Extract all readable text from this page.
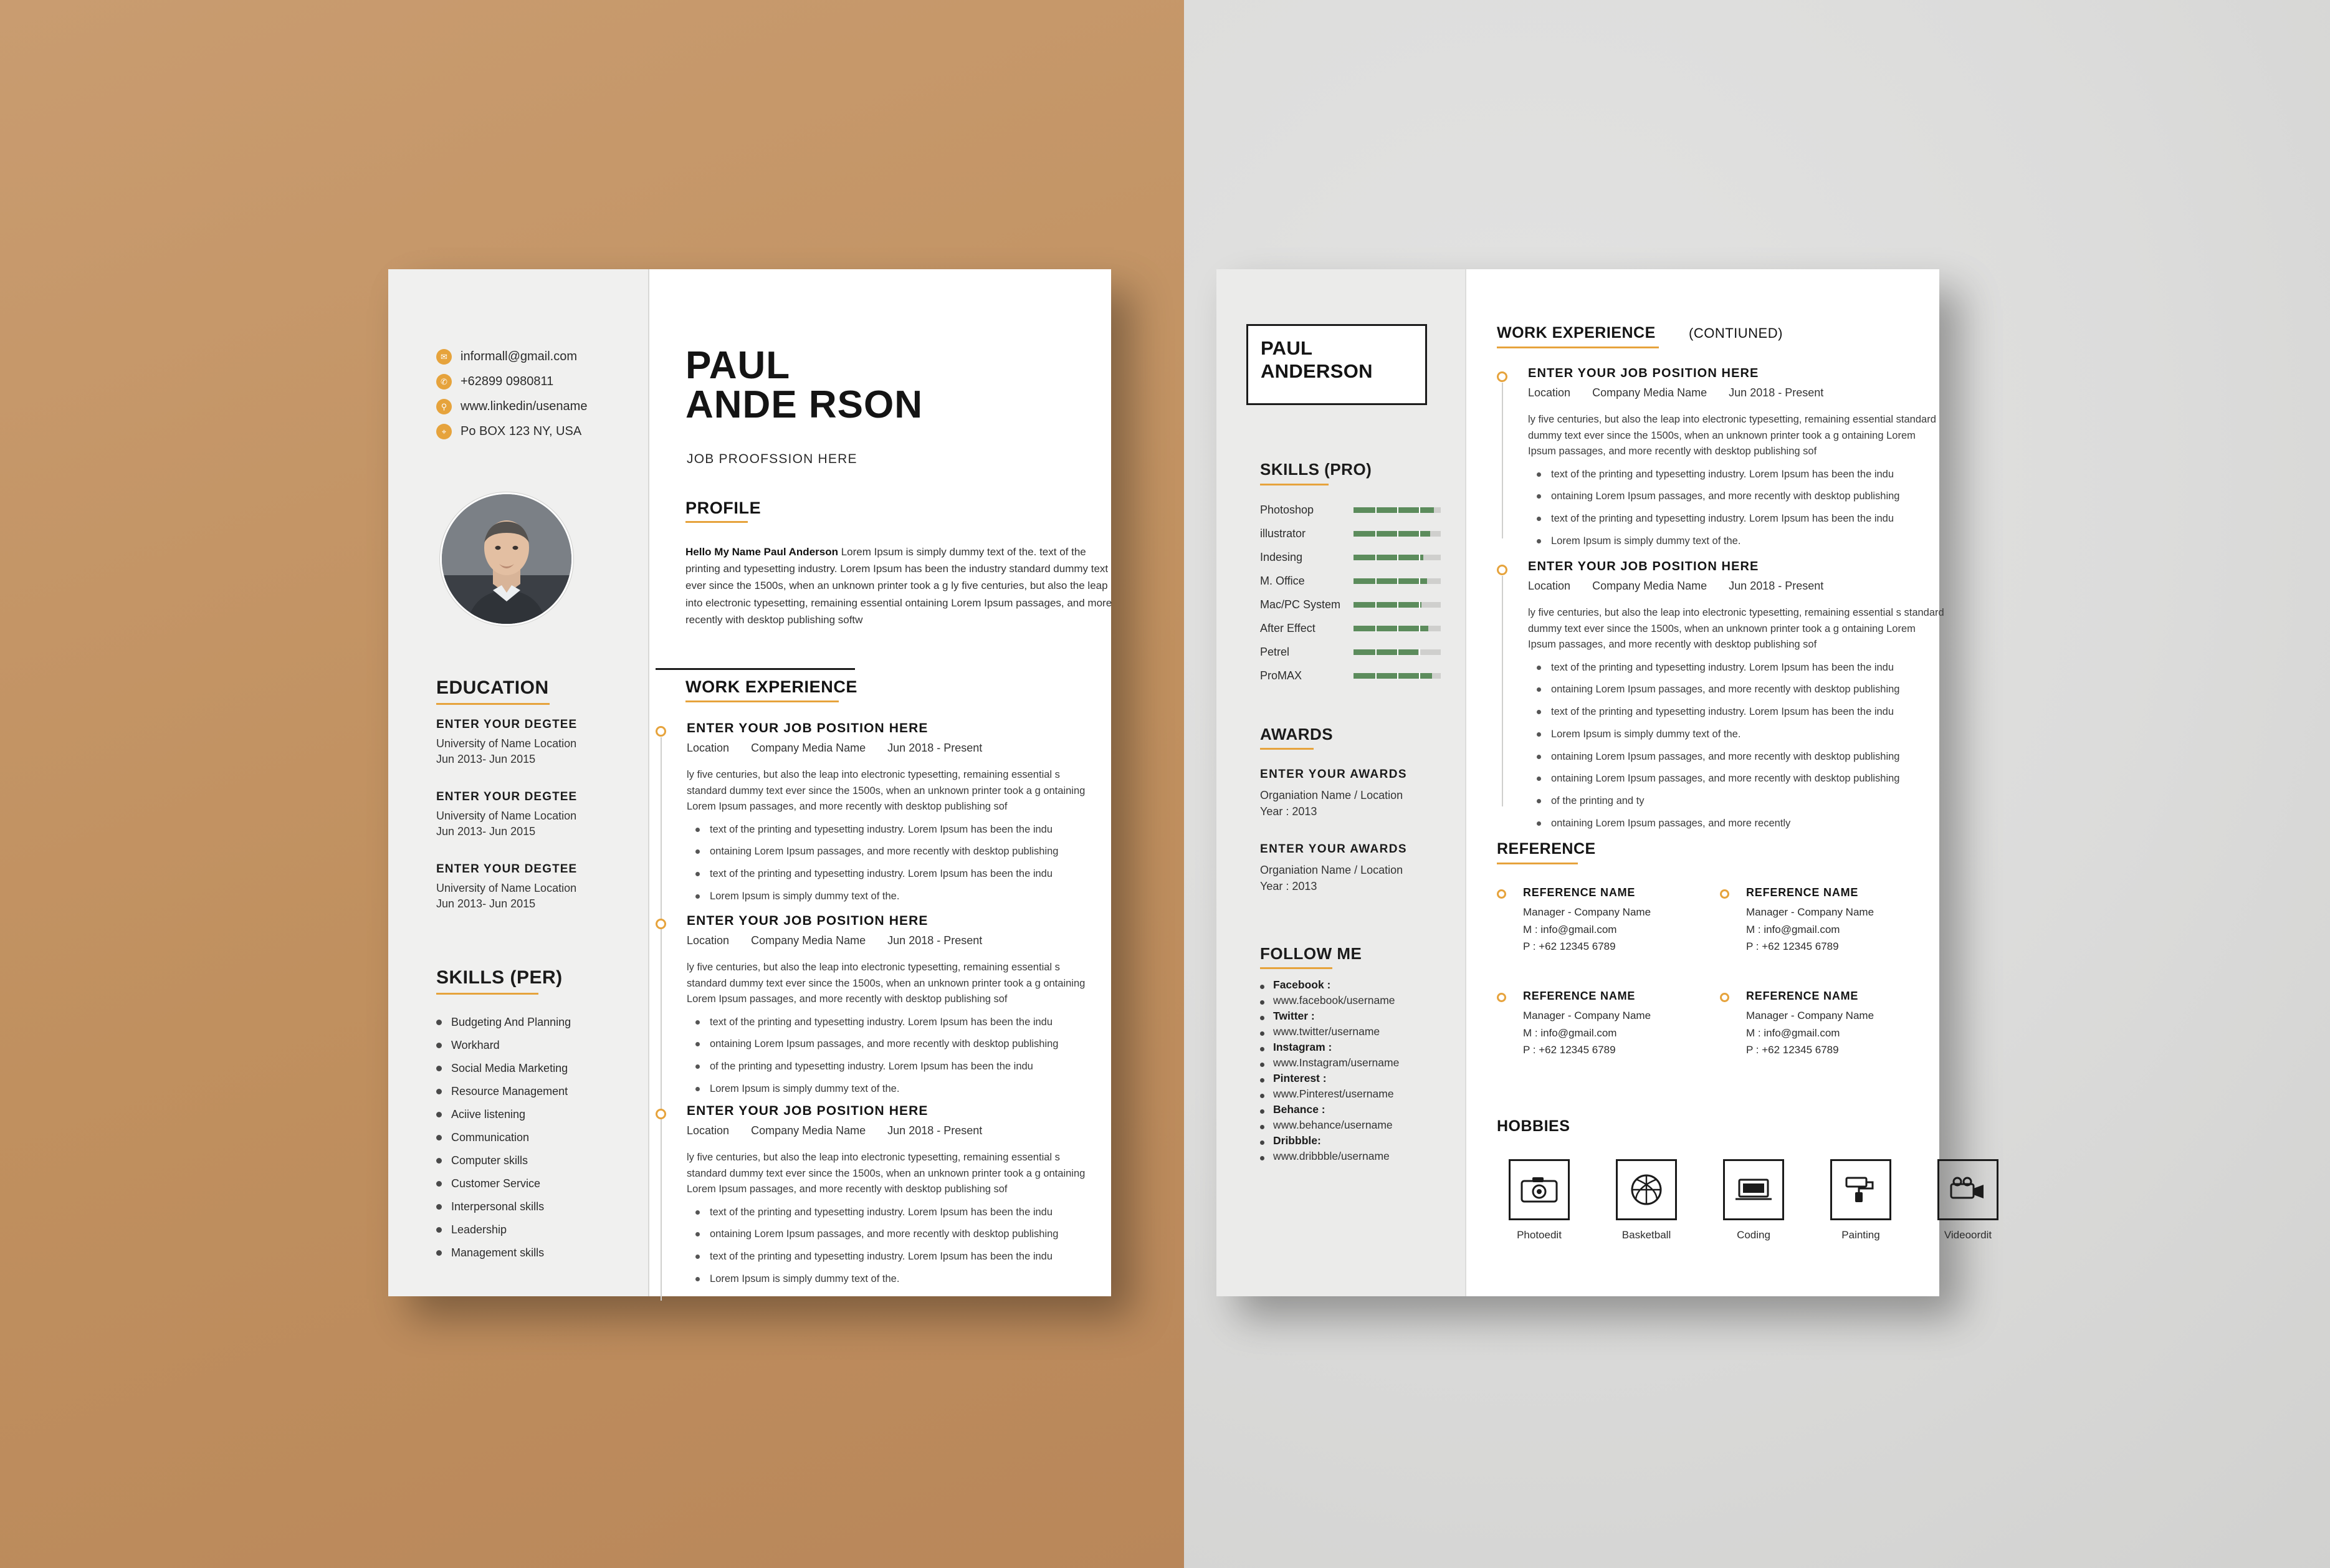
✉	informall@gmail.com
✆	+62899 0980811
⚲	www.linkedin/usename
⌖	Po BOX 123 NY, USA
EDUCATION
ENTER YOUR DEGTEE
University of Name Location
Jun 2013- Jun 2015
ENTER YOUR DEGTEE
University of Name Location
Jun 2013- Jun 2015
ENTER YOUR DEGTEE
University of Name Location
Jun 2013- Jun 2015
SKILLS (PER)
Budgeting And Planning
Workhard
Social Media Marketing
Resource Management
Aciive listening
Communication
Computer skills
Customer Service
Interpersonal skills
Leadership
Management skills
PAUL
ANDE RSON
JOB PROOFSSION HERE
PROFILE
Hello My Name Paul Anderson Lorem Ipsum is simply dummy text of the. text of the printing and typesetting industry. Lorem Ipsum has been the industry standard dummy text ever since the 1500s, when an unknown printer took a g ly five centuries, but also the leap into electronic typesetting, remaining essential ontaining Lorem Ipsum passages, and more recently with desktop publishing softw
WORK EXPERIENCE
ENTER YOUR JOB POSITION HERE
Location Company Media Name Jun 2018 - Present
ly five centuries, but also the leap into electronic typesetting, remaining essential s standard dummy text ever since the 1500s, when an unknown printer took a g ontaining Lorem Ipsum passages, and more recently with desktop publishing sof
text of the printing and typesetting industry. Lorem Ipsum has been the indu
ontaining Lorem Ipsum passages, and more recently with desktop publishing
text of the printing and typesetting industry. Lorem Ipsum has been the indu
Lorem Ipsum is simply dummy text of the.
ENTER YOUR JOB POSITION HERE
Location Company Media Name Jun 2018 - Present
ly five centuries, but also the leap into electronic typesetting, remaining essential s standard dummy text ever since the 1500s, when an unknown printer took a g ontaining Lorem Ipsum passages, and more recently with desktop publishing sof
text of the printing and typesetting industry. Lorem Ipsum has been the indu
ontaining Lorem Ipsum passages, and more recently with desktop publishing
of the printing and typesetting industry. Lorem Ipsum has been the indu
Lorem Ipsum is simply dummy text of the.
ENTER YOUR JOB POSITION HERE
Location Company Media Name Jun 2018 - Present
ly five centuries, but also the leap into electronic typesetting, remaining essential s standard dummy text ever since the 1500s, when an unknown printer took a g ontaining Lorem Ipsum passages, and more recently with desktop publishing sof
text of the printing and typesetting industry. Lorem Ipsum has been the indu
ontaining Lorem Ipsum passages, and more recently with desktop publishing
text of the printing and typesetting industry. Lorem Ipsum has been the indu
Lorem Ipsum is simply dummy text of the.
PAUL
ANDERSON
SKILLS (PRO)
Photoshop
illustrator
Indesing
M. Office
Mac/PC System
After Effect
Petrel
ProMAX
AWARDS
ENTER YOUR AWARDS
Organiation Name / Location
Year : 2013
ENTER YOUR AWARDS
Organiation Name / Location
Year : 2013
FOLLOW ME
Facebook :
www.facebook/username
Twitter :
www.twitter/username
Instagram :
www.Instagram/username
Pinterest :
www.Pinterest/username
Behance :
www.behance/username
Dribbble:
www.dribbble/username
WORK EXPERIENCE (CONTIUNED)
ENTER YOUR JOB POSITION HERE
Location Company Media Name Jun 2018 - Present
ly five centuries, but also the leap into electronic typesetting, remaining essential standard dummy text ever since the 1500s, when an unknown printer took a g ontaining Lorem Ipsum passages, and more recently with desktop publishing sof
text of the printing and typesetting industry. Lorem Ipsum has been the indu
ontaining Lorem Ipsum passages, and more recently with desktop publishing
text of the printing and typesetting industry. Lorem Ipsum has been the indu
Lorem Ipsum is simply dummy text of the.
ENTER YOUR JOB POSITION HERE
Location Company Media Name Jun 2018 - Present
ly five centuries, but also the leap into electronic typesetting, remaining essential s standard dummy text ever since the 1500s, when an unknown printer took a g ontaining Lorem Ipsum passages, and more recently with desktop publishing sof
text of the printing and typesetting industry. Lorem Ipsum has been the indu
ontaining Lorem Ipsum passages, and more recently with desktop publishing
text of the printing and typesetting industry. Lorem Ipsum has been the indu
Lorem Ipsum is simply dummy text of the.
ontaining Lorem Ipsum passages, and more recently with desktop publishing
ontaining Lorem Ipsum passages, and more recently with desktop publishing
of the printing and ty
ontaining Lorem Ipsum passages, and more recently
REFERENCE
REFERENCE NAME
Manager - Company Name
M : info@gmail.com
P : +62 12345 6789
REFERENCE NAME
Manager - Company Name
M : info@gmail.com
P : +62 12345 6789
REFERENCE NAME
Manager - Company Name
M : info@gmail.com
P : +62 12345 6789
REFERENCE NAME
Manager - Company Name
M : info@gmail.com
P : +62 12345 6789
HOBBIES
Photoedit	Basketball	Coding	Painting	Videoordit
